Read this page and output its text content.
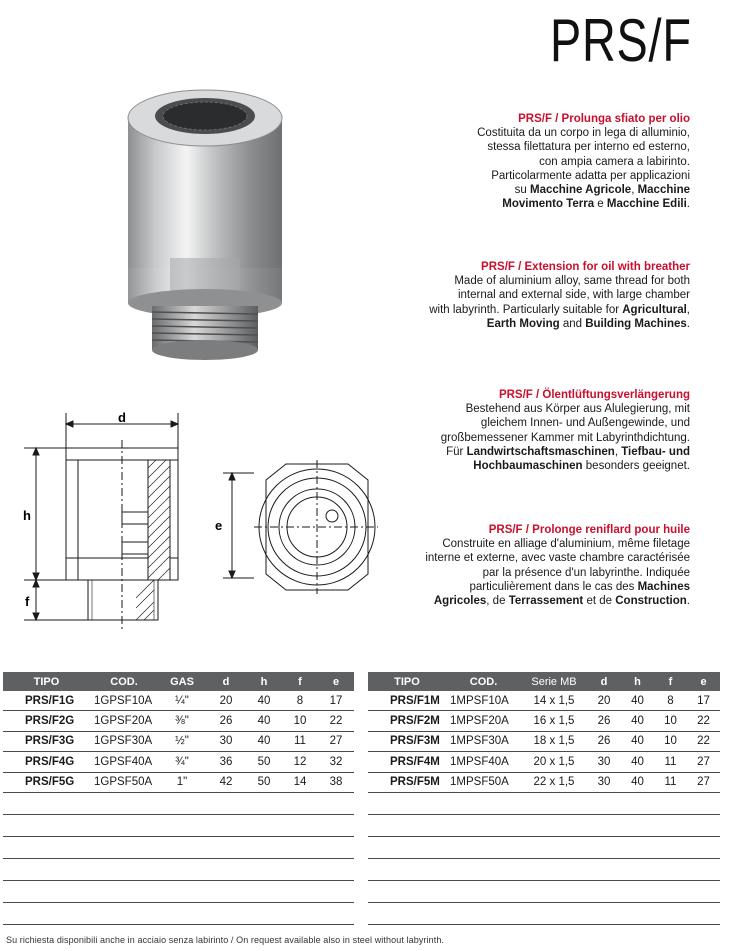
PRS/F
d
h
f
e
PRS/F / Prolunga sfiato per olio
Costituita da un corpo in lega di alluminio,
stessa filettatura per interno ed esterno,
con ampia camera a labirinto.
Particolarmente adatta per applicazioni
su Macchine Agricole, Macchine
Movimento Terra e Macchine Edili.
PRS/F / Extension for oil with breather
Made of aluminium alloy, same thread for both
internal and external side, with large chamber
with labyrinth. Particularly suitable for Agricultural,
Earth Moving and Building Machines.
PRS/F / Ölentlüftungsverlängerung
Bestehend aus Körper aus Alulegierung, mit
gleichem Innen- und Außengewinde, und
großbemessener Kammer mit Labyrinthdichtung.
Für Landwirtschaftsmaschinen, Tiefbau- und
Hochbaumaschinen besonders geeignet.
PRS/F / Prolonge reniflard pour huile
Construite en alliage d'aluminium, même filetage
interne et externe, avec vaste chambre caractérisée
par la présence d'un labyrinthe. Indiquée
particulièrement dans le cas des Machines
Agricoles, de Terrassement et de Construction.
TIPO	COD.	GAS	d	h	f	e
PRS/F1G	1GPSF10A	¼"	20	40	8	17
PRS/F2G	1GPSF20A	⅜"	26	40	10	22
PRS/F3G	1GPSF30A	½"	30	40	11	27
PRS/F4G	1GPSF40A	¾"	36	50	12	32
PRS/F5G	1GPSF50A	1"	42	50	14	38

TIPO	COD.	Serie MB	d	h	f	e
PRS/F1M	1MPSF10A	14 x 1,5	20	40	8	17
PRS/F2M	1MPSF20A	16 x 1,5	26	40	10	22
PRS/F3M	1MPSF30A	18 x 1,5	26	40	10	22
PRS/F4M	1MPSF40A	20 x 1,5	30	40	11	27
PRS/F5M	1MPSF50A	22 x 1,5	30	40	11	27

Su richiesta disponibili anche in acciaio senza labirinto / On request available also in steel without labyrinth.
